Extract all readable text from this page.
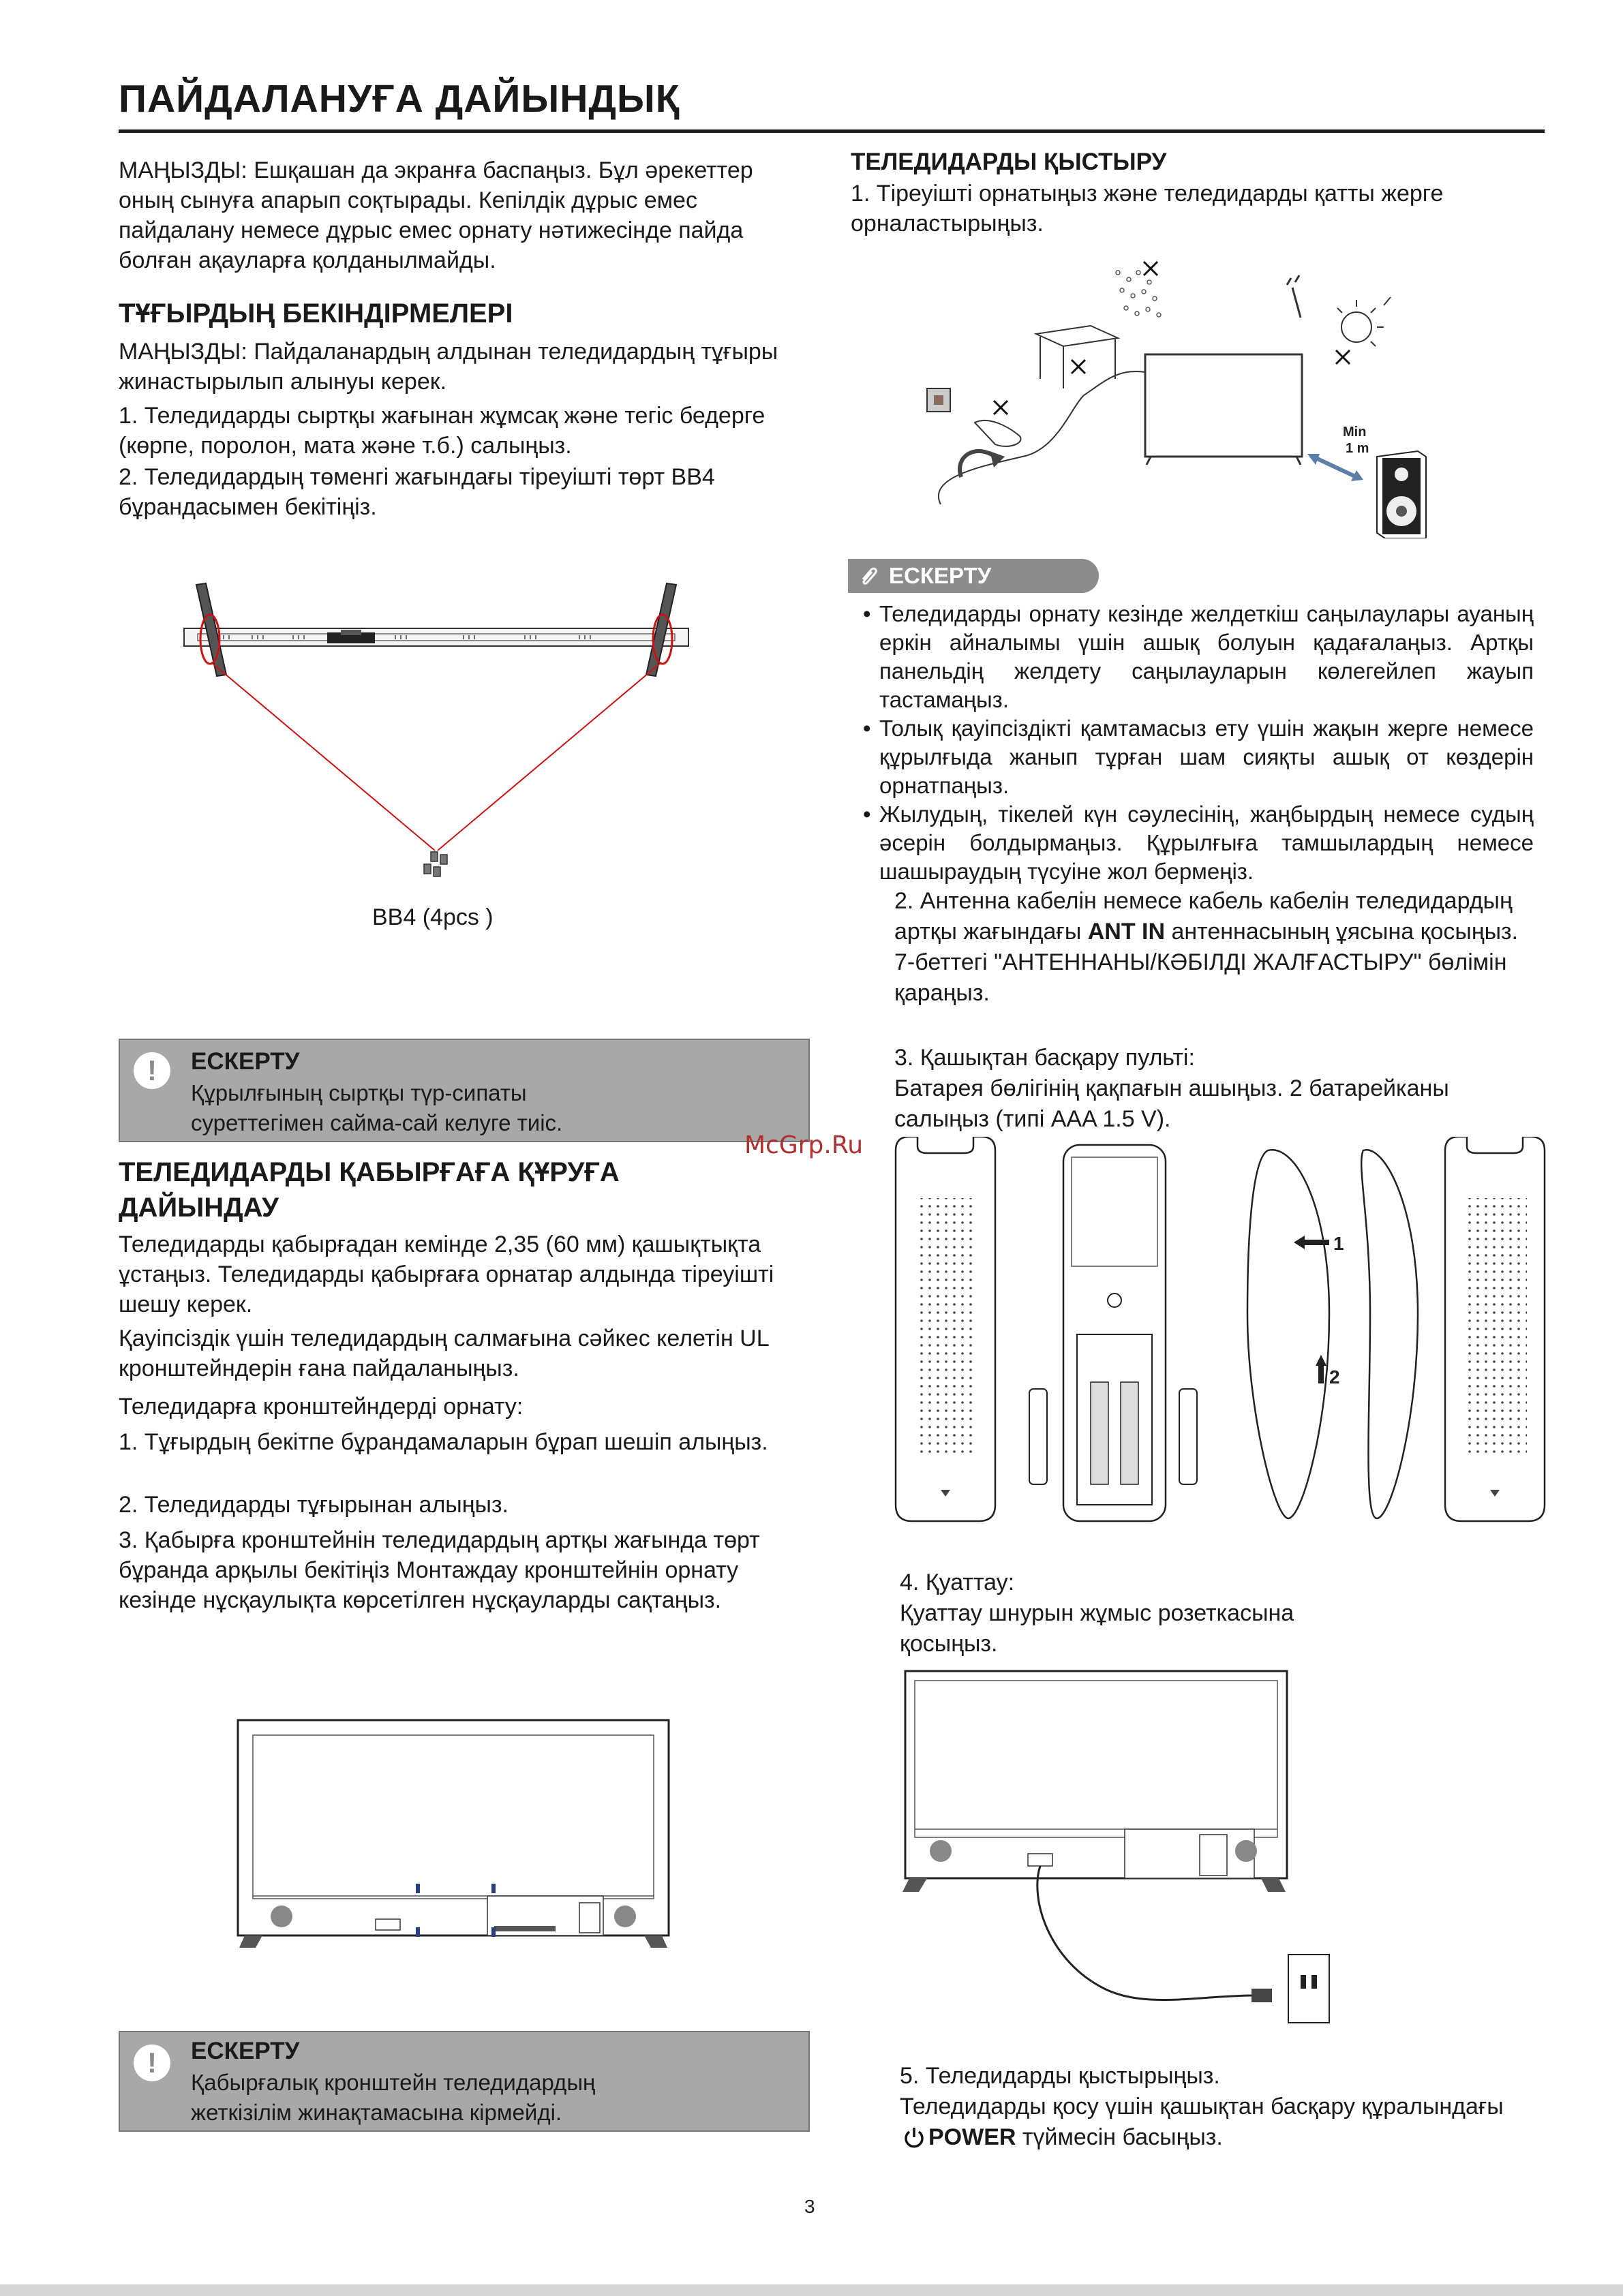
ПАЙДАЛАНУҒА ДАЙЫНДЫҚ
МАҢЫЗДЫ: Ешқашан да экранға баспаңыз. Бұл әрекеттер оның сынуға апарып соқтырады. Кепілдік дұрыс емес пайдалану немесе дұрыс емес орнату нәтижесінде пайда болған ақауларға қолданылмайды.
ТҰҒЫРДЫҢ БЕКІНДІРМЕЛЕРІ
МАҢЫЗДЫ: Пайдаланардың алдынан теледидардың тұғыры жинастырылып алынуы керек.
1. Теледидарды сыртқы жағынан жұмсақ және тегіс бедерге (көрпе, поролон, мата және т.б.) салыңыз.
2. Теледидардың төменгі жағындағы тіреуішті төрт BB4 бұрандасымен бекітіңіз.
BB4 (4pcs )
!	ЕСКЕРТУ
Құрылғының сыртқы түр-сипаты суреттегімен сайма-сай келуге тиіс.
ТЕЛЕДИДАРДЫ ҚАБЫРҒАҒА ҚҰРУҒА ДАЙЫНДАУ
Теледидарды қабырғадан кемінде 2,35 (60 мм) қашықтықта ұстаңыз. Теледидарды қабырғаға орнатар алдында тіреуішті шешу керек.
Қауіпсіздік үшін теледидардың салмағына сәйкес келетін UL кронштейндерін ғана пайдаланыңыз.
Теледидарға кронштейндерді орнату:
1. Тұғырдың бекітпе бұрандамаларын бұрап шешіп алыңыз.
2. Теледидарды тұғырынан алыңыз.
3. Қабырға кронштейнін теледидардың артқы жағында төрт бұранда арқылы бекітіңіз Монтаждау кронштейнін орнату кезінде нұсқаулықта көрсетілген нұсқауларды сақтаңыз.
!	ЕСКЕРТУ
Қабырғалық кронштейн теледидардың жеткізілім жинақтамасына кірмейді.
ТЕЛЕДИДАРДЫ ҚЫСТЫРУ
1. Тіреуішті орнатыңыз және теледидарды қатты жерге орналастырыңыз.
Min
1 m
ЕСКЕРТУ
• Теледидарды орнату кезінде желдеткіш саңылаулары ауаның еркін айналымы үшін ашық болуын қадағалаңыз. Артқы панельдің желдету саңылауларын көлегейлеп жауып тастамаңыз.
• Толық қауіпсіздікті қамтамасыз ету үшін жақын жерге немесе құрылғыда жанып тұрған шам сияқты ашық от көздерін орнатпаңыз.
• Жылудың, тікелей күн сәулесінің, жаңбырдың немесе судың әсерін болдырмаңыз. Құрылғыға тамшылардың немесе шашыраудың түсуіне жол бермеңіз.
2. Антенна кабелін немесе кабель кабелін теледидардың артқы жағындағы ANT IN антеннасының ұясына қосыңыз. 7-беттегі "АНТЕННАНЫ/КӘБІЛДІ ЖАЛҒАСТЫРУ" бөлімін қараңыз.
3. Қашықтан басқару пульті:
Батарея бөлігінің қақпағын ашыңыз. 2 батарейканы салыңыз (типі AAA 1.5 V).
1
2
4. Қуаттау:
Қуаттау шнурын жұмыс розеткасына қосыңыз.
5. Теледидарды қыстырыңыз.
Теледидарды қосу үшін қашықтан басқару құралындағы POWER түймесін басыңыз.
McGrp.Ru
3
